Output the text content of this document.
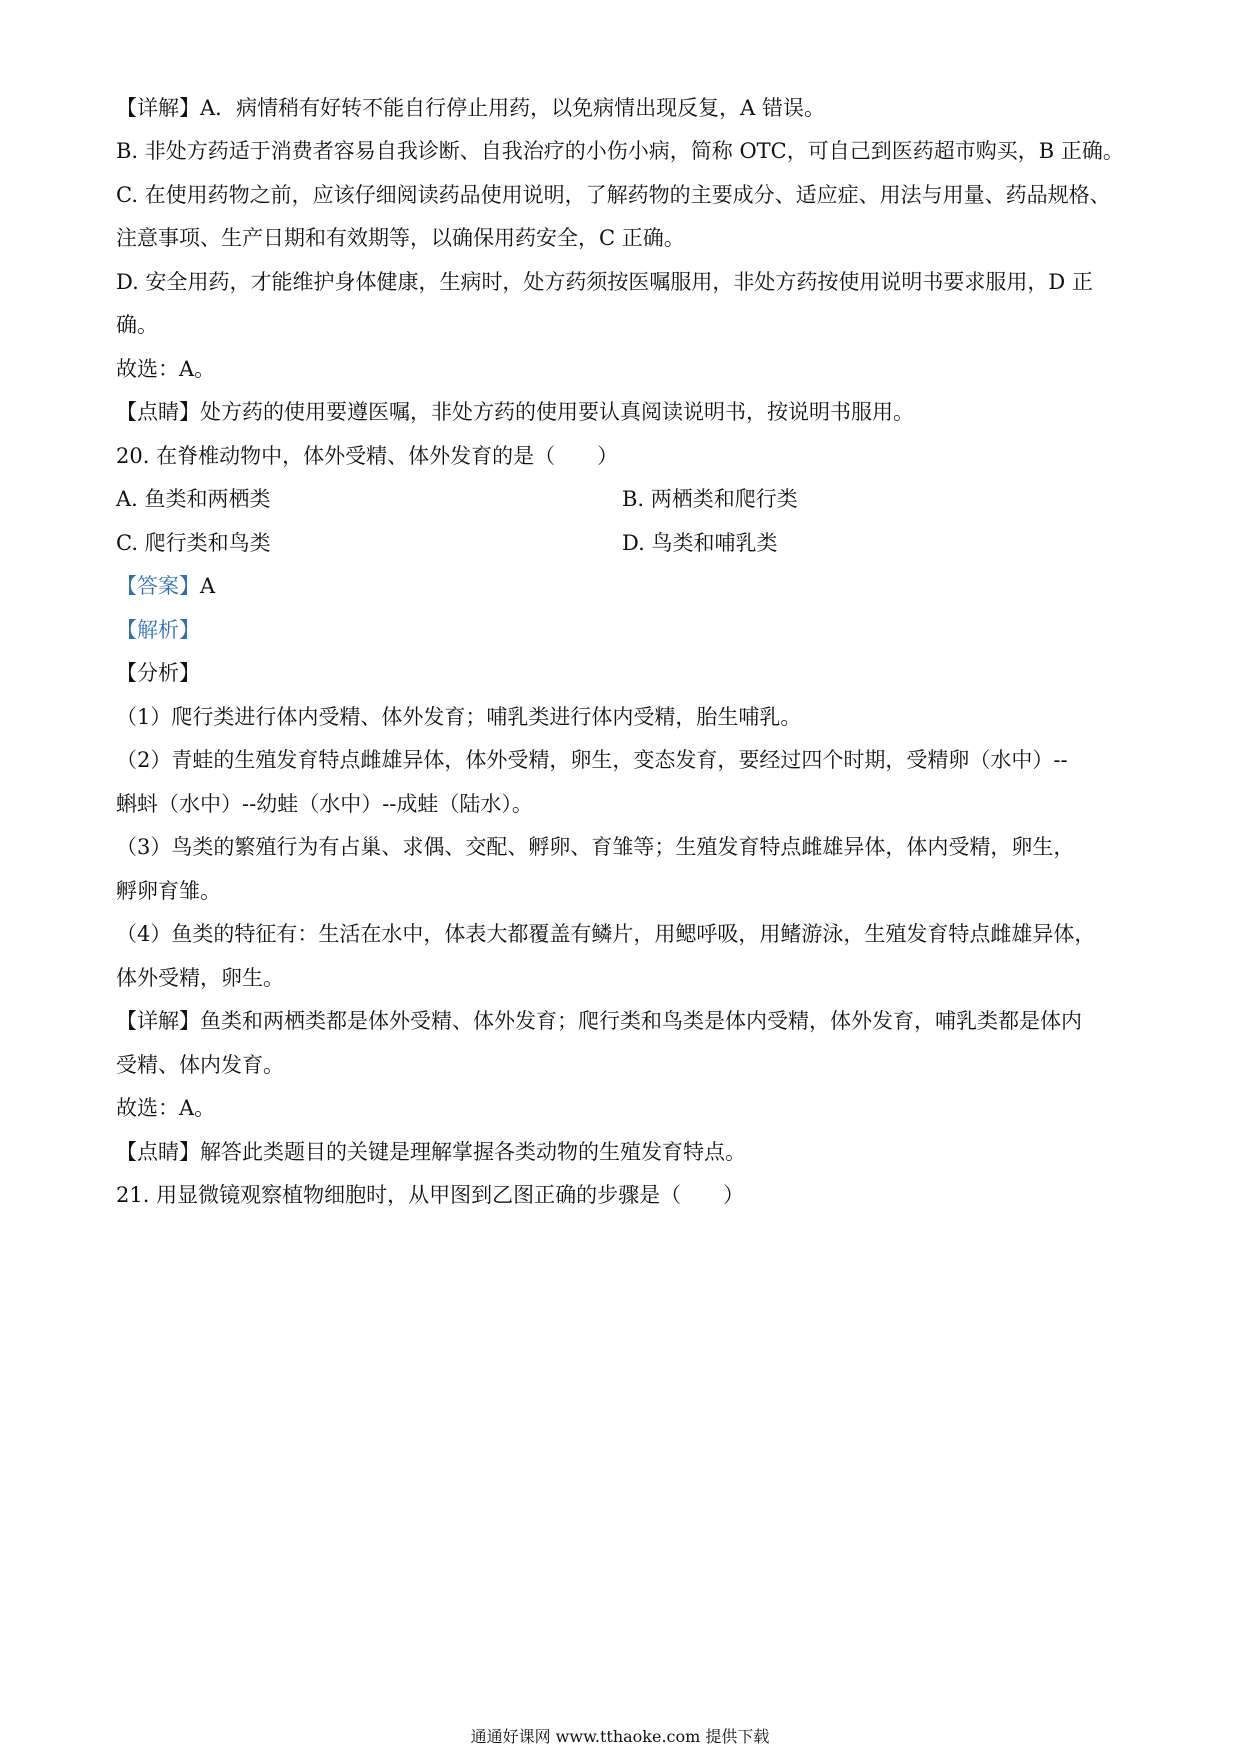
【详解】A．病情稍有好转不能自行停止用药，以免病情出现反复，A 错误。
B. 非处方药适于消费者容易自我诊断、自我治疗的小伤小病，简称 OTC，可自己到医药超市购买，B 正确。
C. 在使用药物之前，应该仔细阅读药品使用说明，了解药物的主要成分、适应症、用法与用量、药品规格、
注意事项、生产日期和有效期等，以确保用药安全，C 正确。
D. 安全用药，才能维护身体健康，生病时，处方药须按医嘱服用，非处方药按使用说明书要求服用，D 正
确。
故选：A。
【点睛】处方药的使用要遵医嘱，非处方药的使用要认真阅读说明书，按说明书服用。
20. 在脊椎动物中，体外受精、体外发育的是（　　）
A. 鱼类和两栖类	B. 两栖类和爬行类
C. 爬行类和鸟类	D. 鸟类和哺乳类
【答案】A
【解析】
【分析】
（1）爬行类进行体内受精、体外发育；哺乳类进行体内受精，胎生哺乳。
（2）青蛙的生殖发育特点雌雄异体，体外受精，卵生，变态发育，要经过四个时期，受精卵（水中）--
蝌蚪（水中）--幼蛙（水中）--成蛙（陆水）。
（3）鸟类的繁殖行为有占巢、求偶、交配、孵卵、育雏等；生殖发育特点雌雄异体，体内受精，卵生，
孵卵育雏。
（4）鱼类的特征有：生活在水中，体表大都覆盖有鳞片，用鳃呼吸，用鳍游泳，生殖发育特点雌雄异体，
体外受精，卵生。
【详解】鱼类和两栖类都是体外受精、体外发育；爬行类和鸟类是体内受精，体外发育，哺乳类都是体内
受精、体内发育。
故选：A。
【点睛】解答此类题目的关键是理解掌握各类动物的生殖发育特点。
21. 用显微镜观察植物细胞时，从甲图到乙图正确的步骤是（　　）
通通好课网 www.tthaoke.com 提供下载
